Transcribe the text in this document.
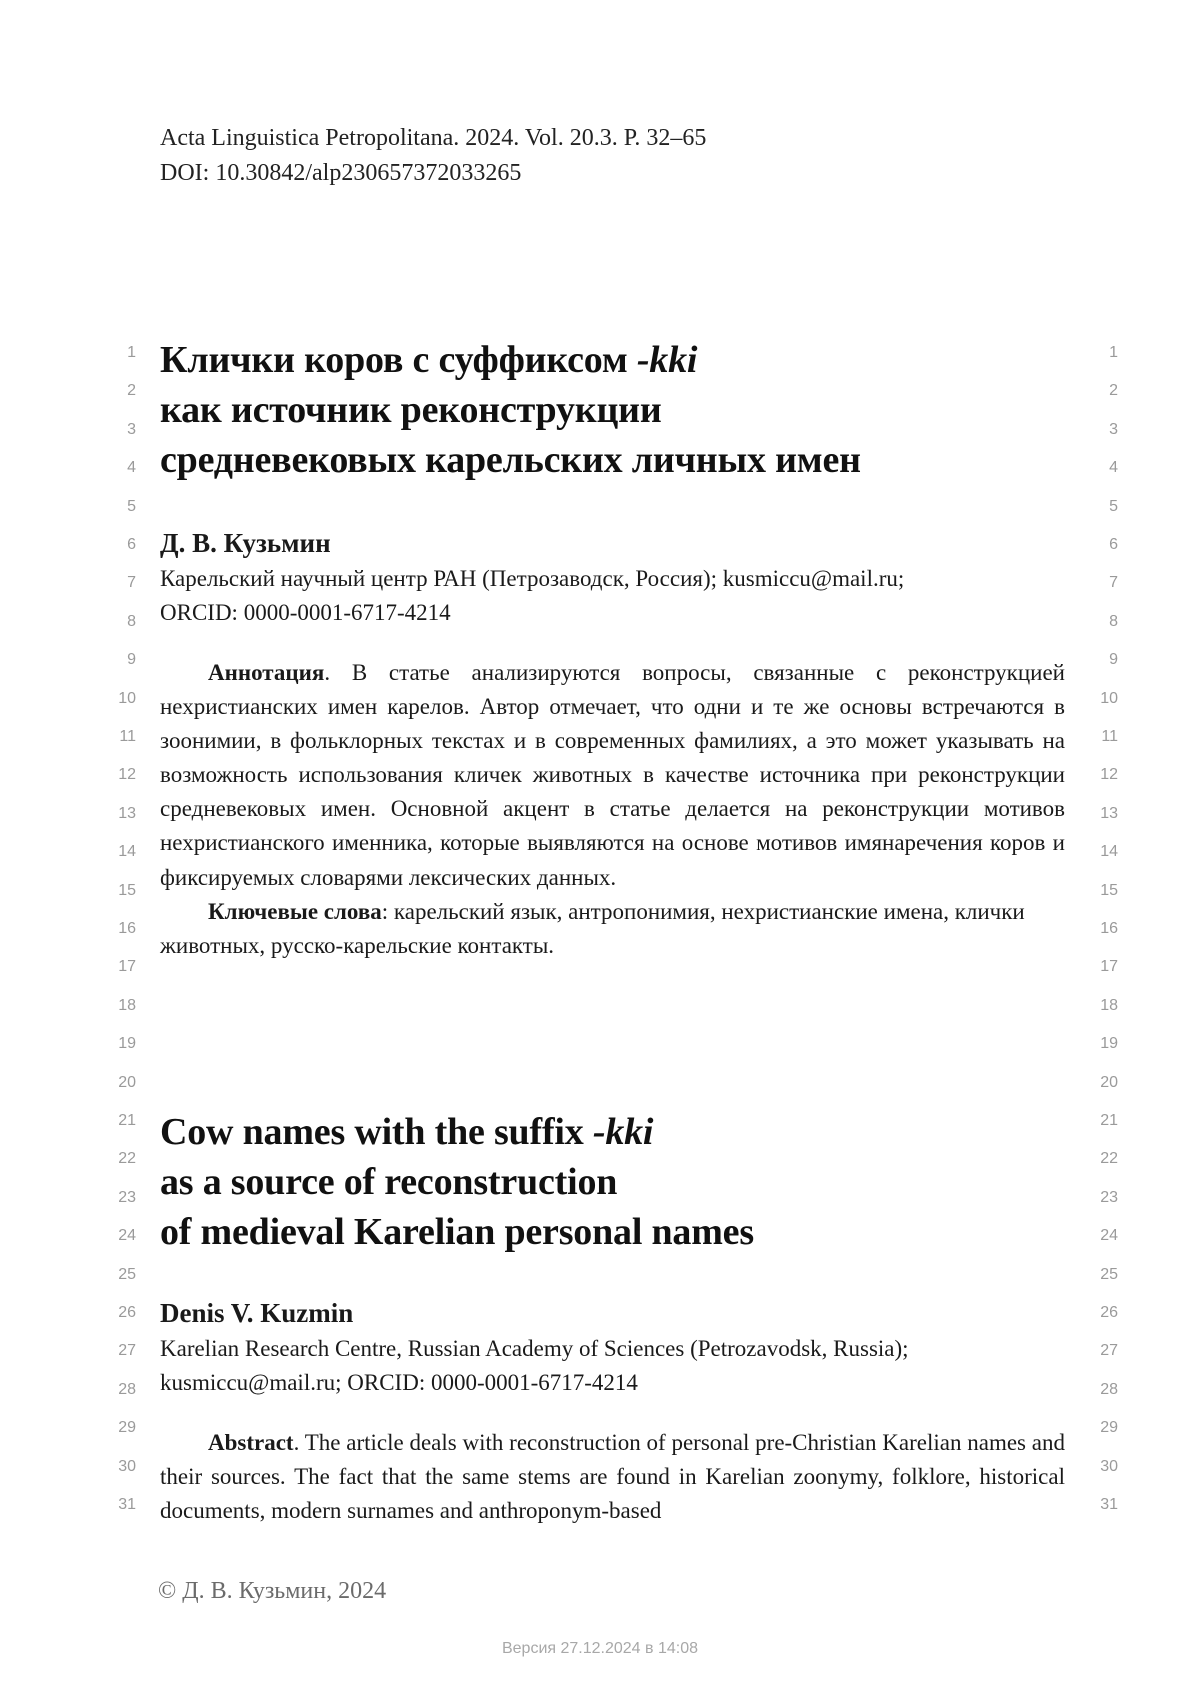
Acta Linguistica Petropolitana. 2024. Vol. 20.3. P. 32–65
DOI: 10.30842/alp230657372033265
1
2
3
4
5
6
7
8
9
10
11
12
13
14
15
16
17
18
19
20
21
22
23
24
25
26
27
28
29
30
31
1
2
3
4
5
6
7
8
9
10
11
12
13
14
15
16
17
18
19
20
21
22
23
24
25
26
27
28
29
30
31
Клички коров с суффиксом -kki
как источник реконструкции
средневековых карельских личных имен

Д. В. Кузьмин

Карельский научный центр РАН (Петрозаводск, Россия); kusmiccu@mail.ru;

ORCID: 0000-0001-6717-4214

Аннотация. В статье анализируются вопросы, связанные с реконструкцией нехристианских имен карелов. Автор отмечает, что одни и те же основы встречаются в зоонимии, в фольклорных текстах и в современных фамилиях, а это может указывать на возможность использования кличек животных в качестве источника при реконструкции средневековых имен. Основной акцент в статье делается на реконструкции мотивов нехристианского именника, которые выявляются на основе мотивов имянаречения коров и фиксируемых словарями лексических данных.

Ключевые слова: карельский язык, антропонимия, нехристианские имена, клички животных, русско-карельские контакты.

Cow names with the suffix -kki
as a source of reconstruction
of medieval Karelian personal names

Denis V. Kuzmin

Karelian Research Centre, Russian Academy of Sciences (Petrozavodsk, Russia);

kusmiccu@mail.ru; ORCID: 0000-0001-6717-4214

Abstract. The article deals with reconstruction of personal pre-Christian Karelian names and their sources. The fact that the same stems are found in Karelian zoonymy, folklore, historical documents, modern surnames and anthroponym-based

© Д. В. Кузьмин, 2024
Версия 27.12.2024 в 14:08
